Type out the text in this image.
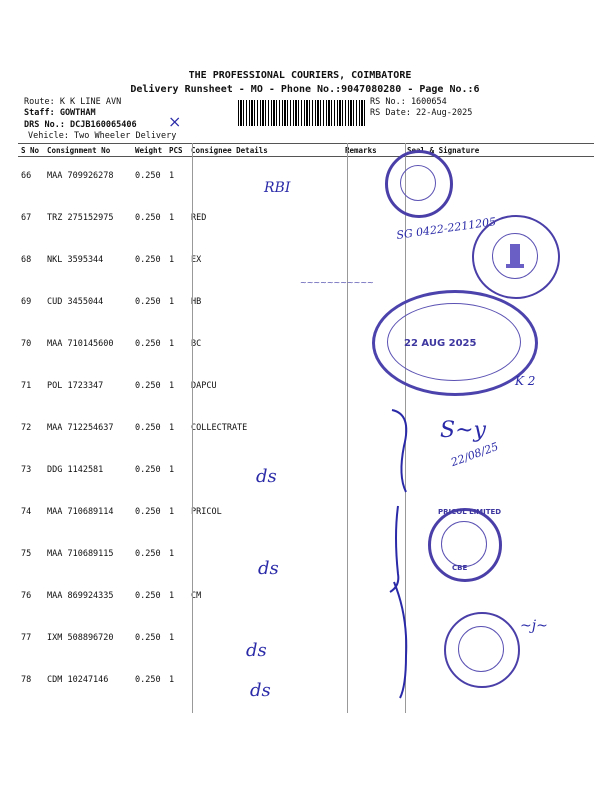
THE PROFESSIONAL COURIERS, COIMBATORE
Delivery Runsheet - MO - Phone No.:9047080280 - Page No.:6
Route: K K LINE AVN
Staff: GOWTHAM
DRS No.: DCJB160065406
Vehicle: Two Wheeler Delivery
RS No.: 1600654
RS Date: 22-Aug-2025
×
S No	Consignment No	Weight	PCS	Consignee Details	Remarks	Seal & Signature
66	MAA 709926278	0.250	1			
67	TRZ 275152975	0.250	1	RED		
68	NKL 3595344	0.250	1	EX		
69	CUD 3455044	0.250	1	HB		
70	MAA 710145600	0.250	1	BC		
71	POL 1723347	0.250	1	DAPCU		
72	MAA 712254637	0.250	1	COLLECTRATE		
73	DDG 1142581	0.250	1			
74	MAA 710689114	0.250	1	PRICOL		
75	MAA 710689115	0.250	1			
76	MAA 869924335	0.250	1	CM		
77	IXM 508896720	0.250	1			
78	CDM 10247146	0.250	1			
RBI
SG 0422-2211205
~~~~~~~~~~~
22 AUG 2025
K 2
S~y
22/08/25
ds
ds
ds
ds
PRICOL LIMITED
CBE
~j~
